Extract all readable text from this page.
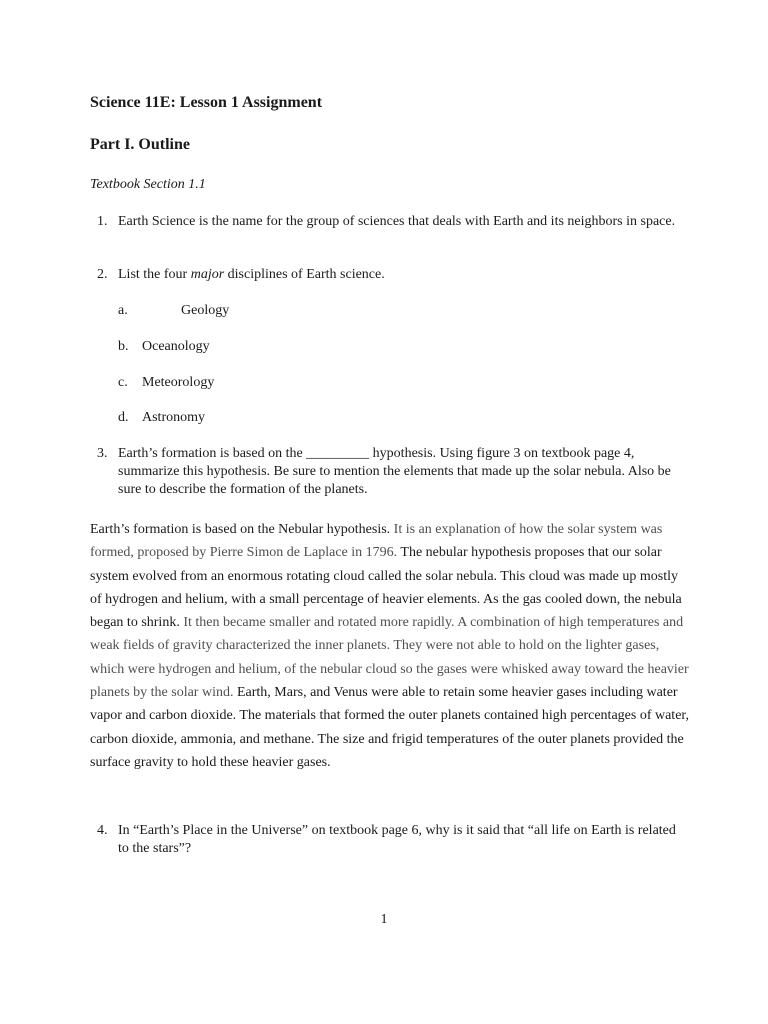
Science 11E: Lesson 1 Assignment
Part I. Outline
Textbook Section 1.1
1. Earth Science is the name for the group of sciences that deals with Earth and its neighbors in space.
2. List the four major disciplines of Earth science.
a.	Geology
b. Oceanology
c. Meteorology
d. Astronomy
3. Earth’s formation is based on the _________ hypothesis. Using figure 3 on textbook page 4, summarize this hypothesis. Be sure to mention the elements that made up the solar nebula. Also be sure to describe the formation of the planets.
Earth’s formation is based on the Nebular hypothesis. It is an explanation of how the solar system was formed, proposed by Pierre Simon de Laplace in 1796. The nebular hypothesis proposes that our solar system evolved from an enormous rotating cloud called the solar nebula. This cloud was made up mostly of hydrogen and helium, with a small percentage of heavier elements. As the gas cooled down, the nebula began to shrink. It then became smaller and rotated more rapidly. A combination of high temperatures and weak fields of gravity characterized the inner planets. They were not able to hold on the lighter gases, which were hydrogen and helium, of the nebular cloud so the gases were whisked away toward the heavier planets by the solar wind. Earth, Mars, and Venus were able to retain some heavier gases including water vapor and carbon dioxide. The materials that formed the outer planets contained high percentages of water, carbon dioxide, ammonia, and methane. The size and frigid temperatures of the outer planets provided the surface gravity to hold these heavier gases.
4. In “Earth’s Place in the Universe” on textbook page 6, why is it said that “all life on Earth is related to the stars”?
1
